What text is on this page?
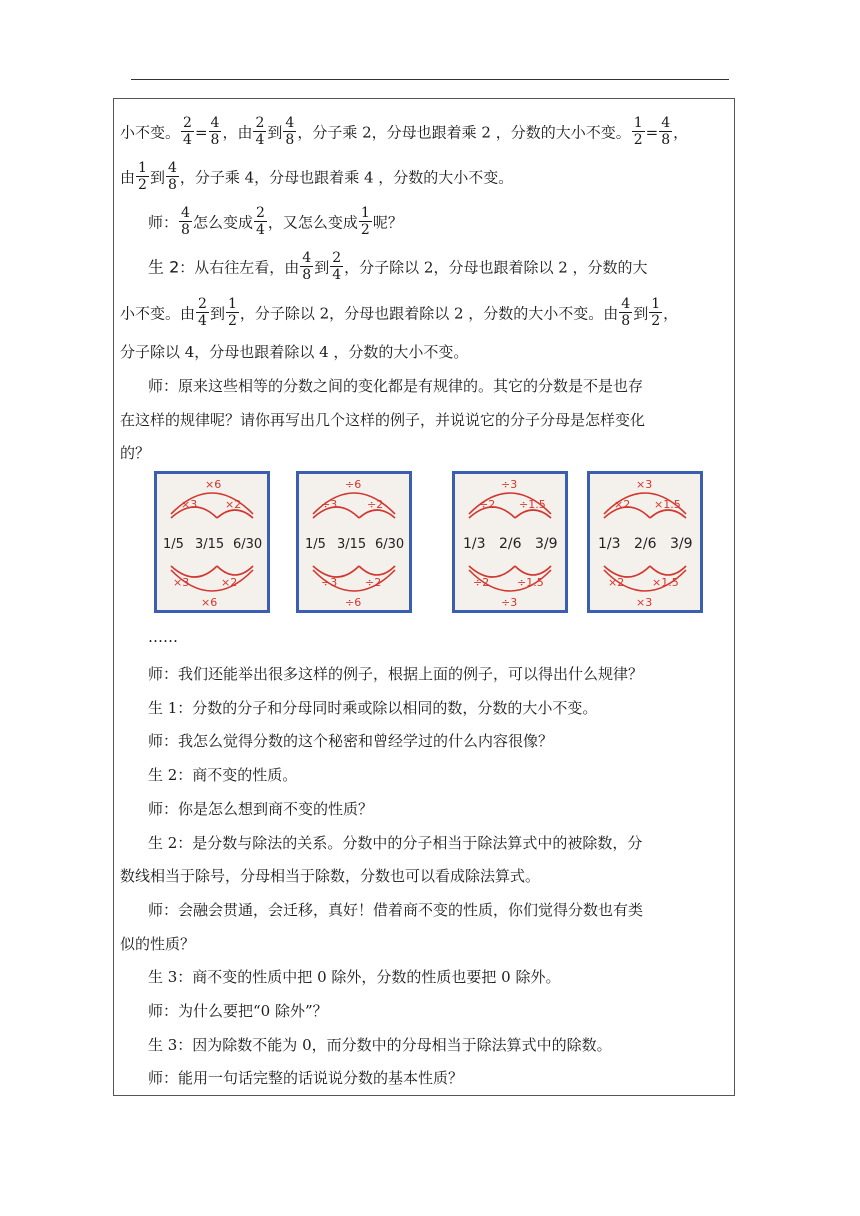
小不变。 $\frac{2}{4} = \frac{4}{8}$ ，由 $\frac{2}{4}$ 到 $\frac{4}{8}$ ，分子乘 2，分母也跟着乘 2 ，分数的大小不变。 $\frac{1}{2} = \frac{4}{8}$ ，
由 $\frac{1}{2}$ 到 $\frac{4}{8}$ ，分子乘 4，分母也跟着乘 4 ，分数的大小不变。
师： $\frac{4}{8}$ 怎么变成 $\frac{2}{4}$ ，又怎么变成 $\frac{1}{2}$ 呢？
生 2：从右往左看，由 $\frac{4}{8}$ 到 $\frac{2}{4}$ ，分子除以 2，分母也跟着除以 2 ，分数的大
小不变。由 $\frac{2}{4}$ 到 $\frac{1}{2}$ ，分子除以 2，分母也跟着除以 2 ，分数的大小不变。由 $\frac{4}{8}$ 到 $\frac{1}{2}$ ，
分子除以 4，分母也跟着除以 4 ，分数的大小不变。
师：原来这些相等的分数之间的变化都是有规律的。其它的分数是不是也存
在这样的规律呢？请你再写出几个这样的例子，并说说它的分子分母是怎样变化
的？
×6
×2
×3
×3	×2
×6
1/5 3/15 6/30
÷6
÷3	÷2
÷3	÷2
÷6
1/5 3/15 6/30
÷3
÷2 ÷1.5
÷2	÷1.5
÷3
1/3 2/6 3/9
×3
×2 ×1.5
×2	×1.5
×3
1/3 2/6 3/9
……
师：我们还能举出很多这样的例子，根据上面的例子，可以得出什么规律？
生 1：分数的分子和分母同时乘或除以相同的数，分数的大小不变。
师：我怎么觉得分数的这个秘密和曾经学过的什么内容很像？
生 2：商不变的性质。
师：你是怎么想到商不变的性质？
生 2：是分数与除法的关系。分数中的分子相当于除法算式中的被除数，分
数线相当于除号，分母相当于除数，分数也可以看成除法算式。
师：会融会贯通，会迁移，真好！借着商不变的性质，你们觉得分数也有类
似的性质？
生 3：商不变的性质中把 0 除外，分数的性质也要把 0 除外。
师：为什么要把“0 除外”？
生 3：因为除数不能为 0，而分数中的分母相当于除法算式中的除数。
师：能用一句话完整的话说说分数的基本性质？
